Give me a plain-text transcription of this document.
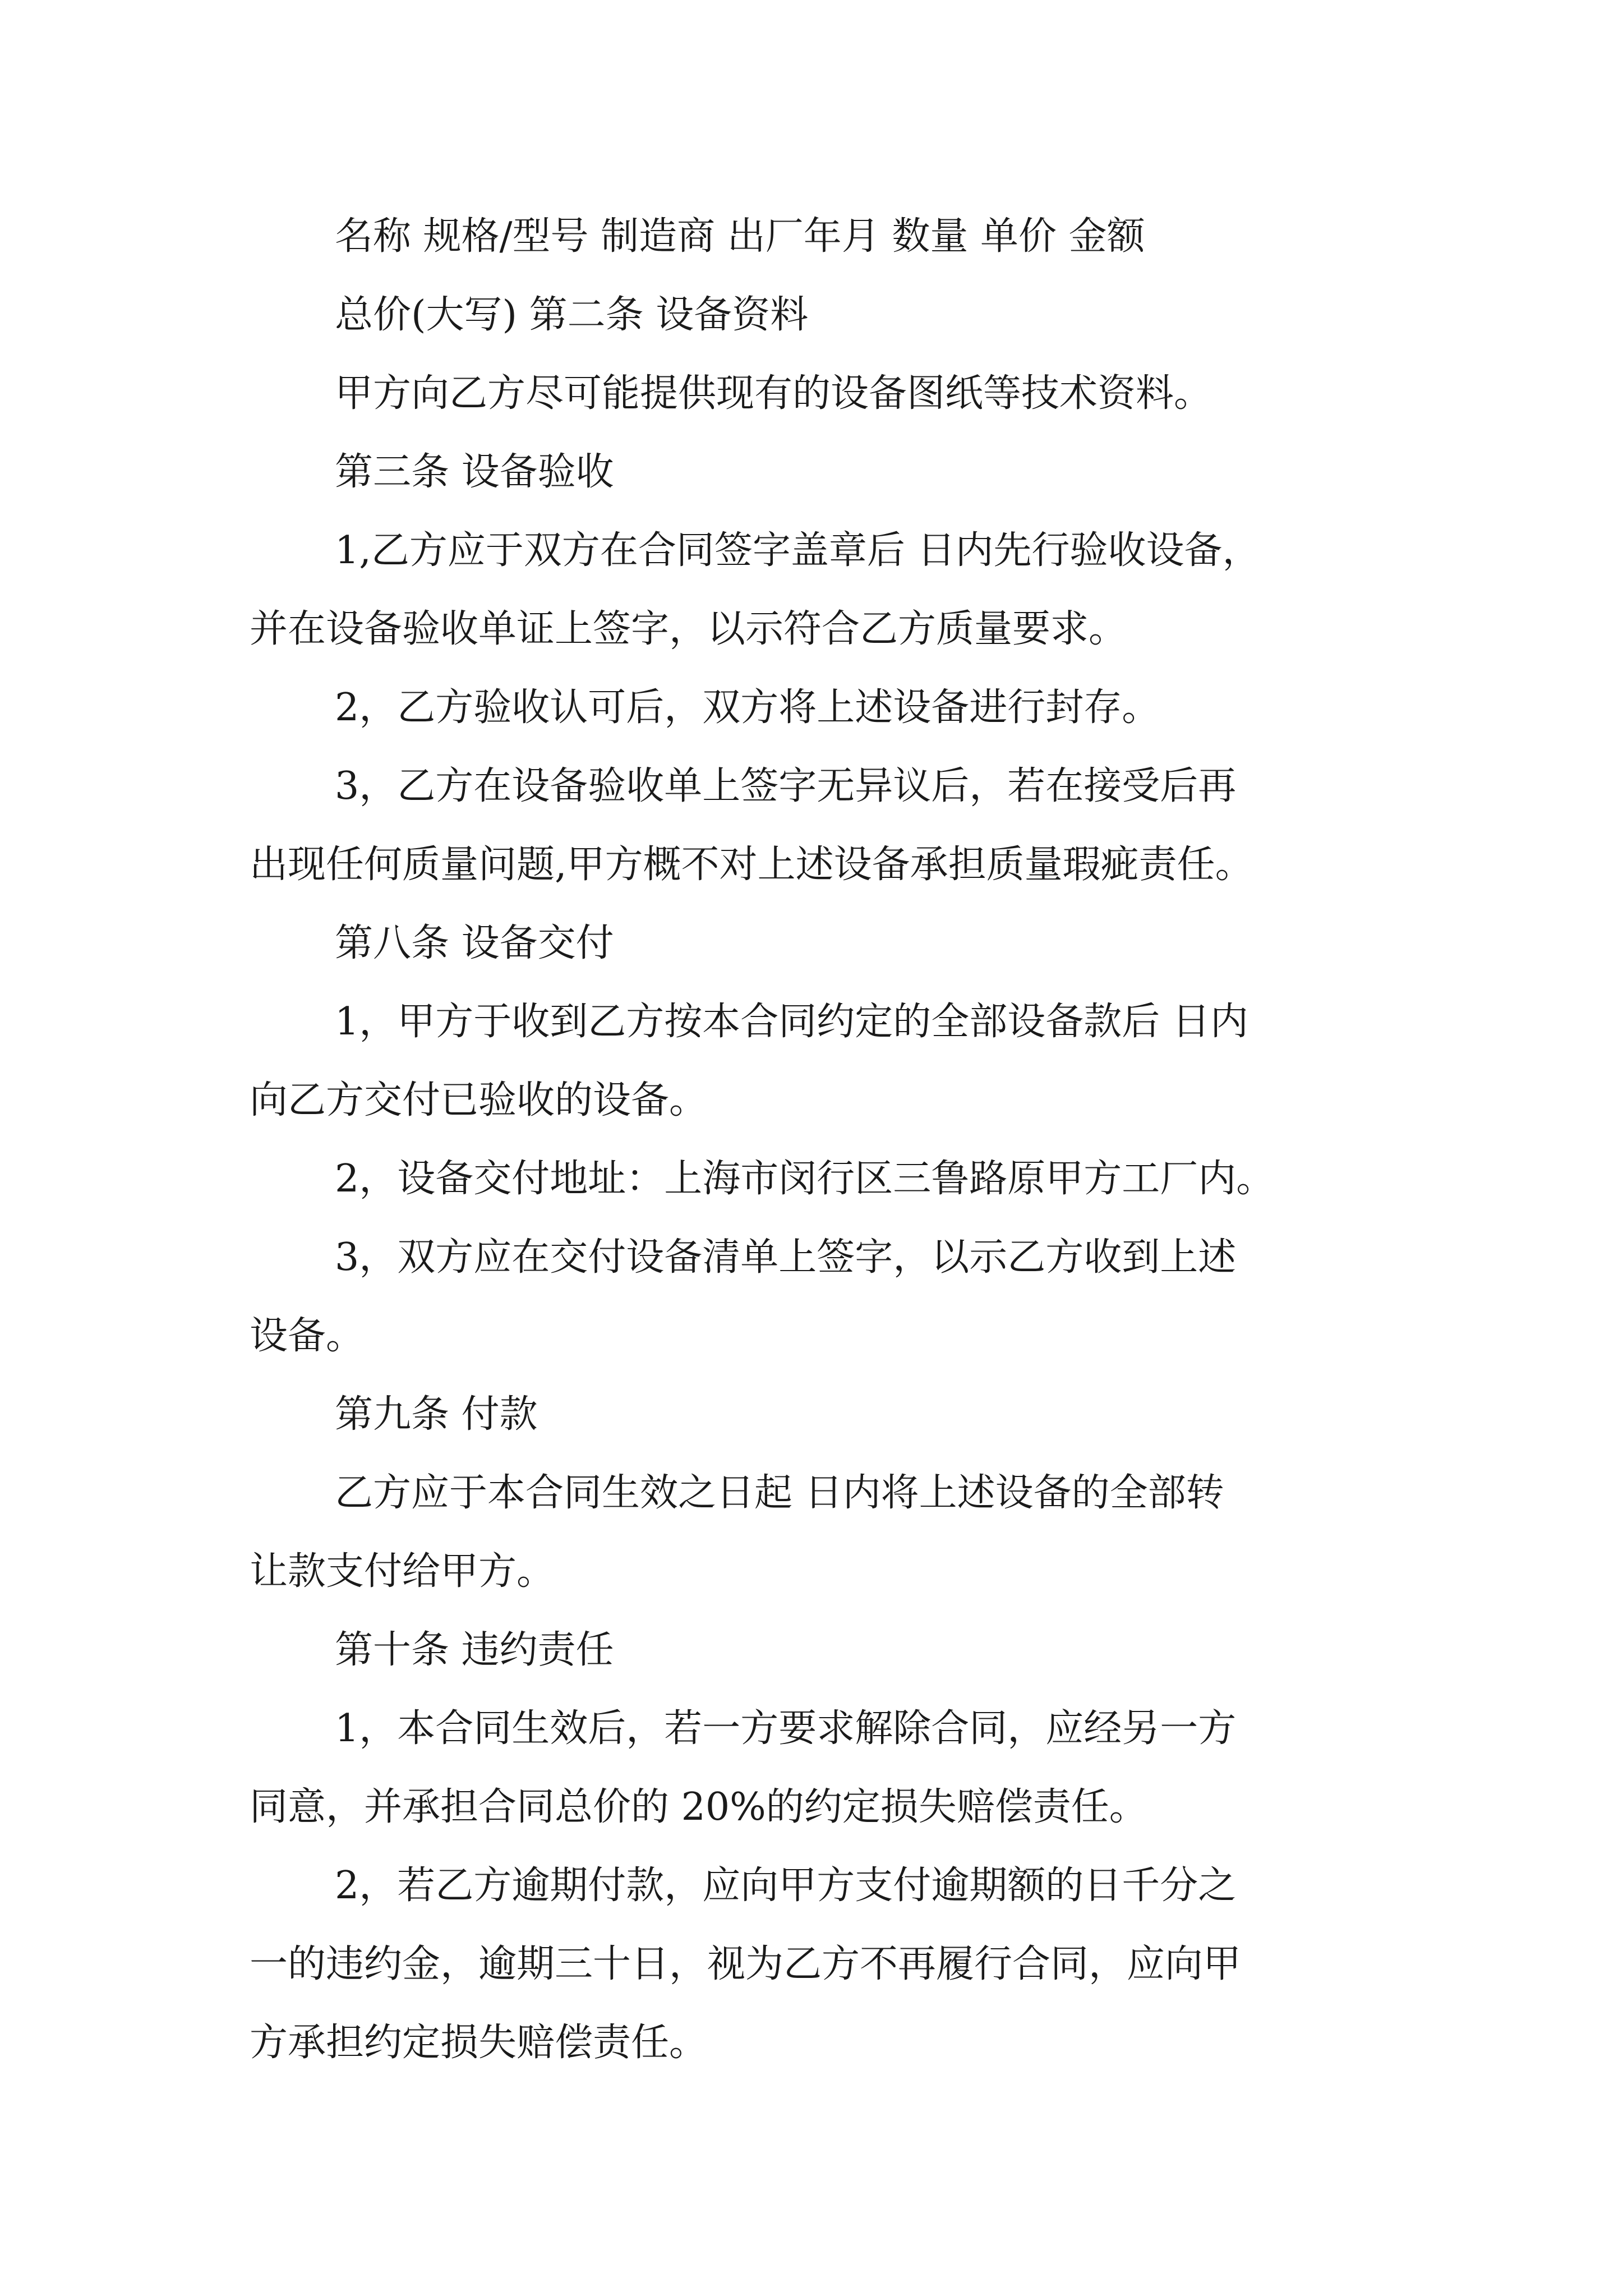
名称 规格/型号 制造商 出厂年月 数量 单价 金额
总价(大写) 第二条 设备资料
甲方向乙方尽可能提供现有的设备图纸等技术资料。
第三条 设备验收
1,乙方应于双方在合同签字盖章后 日内先行验收设备，
并在设备验收单证上签字，以示符合乙方质量要求。
2，乙方验收认可后，双方将上述设备进行封存。
3，乙方在设备验收单上签字无异议后，若在接受后再
出现任何质量问题,甲方概不对上述设备承担质量瑕疵责任。
第八条 设备交付
1，甲方于收到乙方按本合同约定的全部设备款后 日内
向乙方交付已验收的设备。
2，设备交付地址：上海市闵行区三鲁路原甲方工厂内。
3，双方应在交付设备清单上签字，以示乙方收到上述
设备。
第九条 付款
乙方应于本合同生效之日起 日内将上述设备的全部转
让款支付给甲方。
第十条 违约责任
1，本合同生效后，若一方要求解除合同，应经另一方
同意，并承担合同总价的 20%的约定损失赔偿责任。
2，若乙方逾期付款，应向甲方支付逾期额的日千分之
一的违约金，逾期三十日，视为乙方不再履行合同，应向甲
方承担约定损失赔偿责任。
